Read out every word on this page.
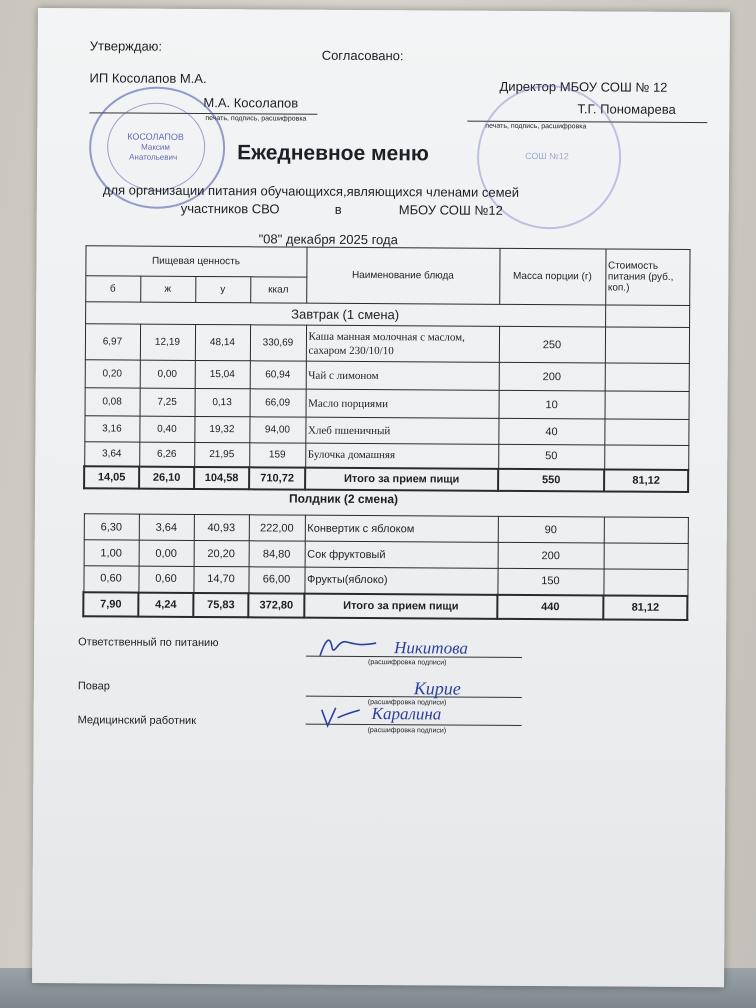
Утверждаю:
Согласовано:
ИП Косолапов М.А.
М.А. Косолапов
печать, подпись, расшифровка
Директор МБОУ СОШ № 12
Т.Г. Пономарева
печать, подпись, расшифровка
КОСОЛАПОВ
Максим
Анатольевич	СОШ №12
Ежедневное меню
для организации питания обучающихся,являющихся членами семей
участников СВО	в	МБОУ СОШ №12
"08" декабря 2025 года
Пищевая ценность				Наименование блюда	Масса порции (г)	Стоимость питания (руб., коп.)
б	ж	у	ккал			
Завтрак (1 смена)						
6,97	12,19	48,14	330,69	Каша манная молочная с маслом, сахаром 230/10/10	250	
0,20	0,00	15,04	60,94	Чай с лимоном	200	
0,08	7,25	0,13	66,09	Масло порциями	10	
3,16	0,40	19,32	94,00	Хлеб пшеничный	40	
3,64	6,26	21,95	159	Булочка домашняя	50	
14,05	26,10	104,58	710,72	Итого за прием пищи	550	81,12
Полдник (2 смена)
6,30	3,64	40,93	222,00	Конвертик с яблоком	90	
1,00	0,00	20,20	84,80	Сок фруктовый	200	
0,60	0,60	14,70	66,00	Фрукты(яблоко)	150	
7,90	4,24	75,83	372,80	Итого за прием пищи	440	81,12
Ответственный по питанию
(расшифровка подписи)
Никитова
Повар
(расшифровка подписи)
Кирие
Медицинский работник
(расшифровка подписи)
Каралина
